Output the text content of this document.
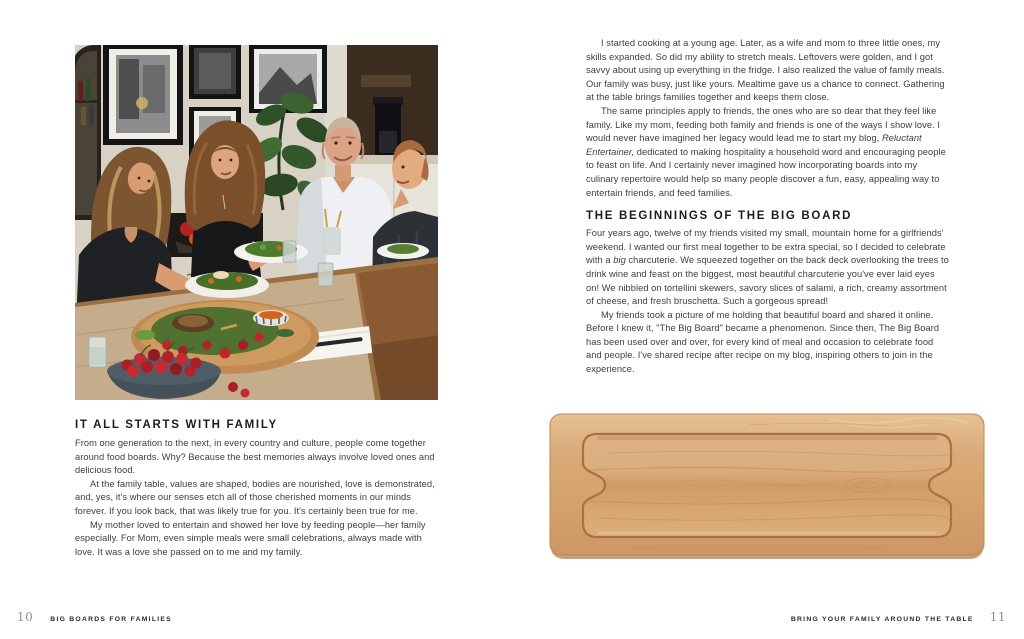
IT ALL STARTS WITH FAMILY

From one generation to the next, in every country and culture, people come together around food boards. Why? Because the best memories always involve loved ones and delicious food.

At the family table, values are shaped, bodies are nourished, love is demonstrated, and, yes, it's where our senses etch all of those cherished moments in our minds forever. If you look back, that was likely true for you. It's certainly been true for me.

My mother loved to entertain and showed her love by feeding people—her family especially. For Mom, even simple meals were small celebrations, always made with love. It was a love she passed on to me and my family.

10	BIG BOARDS FOR FAMILIES

I started cooking at a young age. Later, as a wife and mom to three little ones, my skills expanded. So did my ability to stretch meals. Leftovers were golden, and I got savvy about using up everything in the fridge. I also realized the value of family meals. Our family was busy, just like yours. Mealtime gave us a chance to connect. Gathering at the table brings families together and keeps them close.

The same principles apply to friends, the ones who are so dear that they feel like family. Like my mom, feeding both family and friends is one of the ways I show love. I would never have imagined her legacy would lead me to start my blog, Reluctant Entertainer, dedicated to making hospitality a household word and encouraging people to feast on life. And I certainly never imagined how incorporating boards into my culinary repertoire would help so many people discover a fun, easy, appealing way to entertain friends, and feed families.

THE BEGINNINGS OF THE BIG BOARD

Four years ago, twelve of my friends visited my small, mountain home for a girlfriends' weekend. I wanted our first meal together to be extra special, so I decided to celebrate with a big charcuterie. We squeezed together on the back deck overlooking the trees to drink wine and feast on the biggest, most beautiful charcuterie you've ever laid eyes on! We nibbled on tortellini skewers, savory slices of salami, a rich, creamy assortment of cheese, and fresh bruschetta. Such a gorgeous spread!

My friends took a picture of me holding that beautiful board and shared it online. Before I knew it, "The Big Board" became a phenomenon. Since then, The Big Board has been used over and over, for every kind of meal and occasion to celebrate food and people. I've shared recipe after recipe on my blog, inspiring others to join in the experience.

BRING YOUR FAMILY AROUND THE TABLE 11
